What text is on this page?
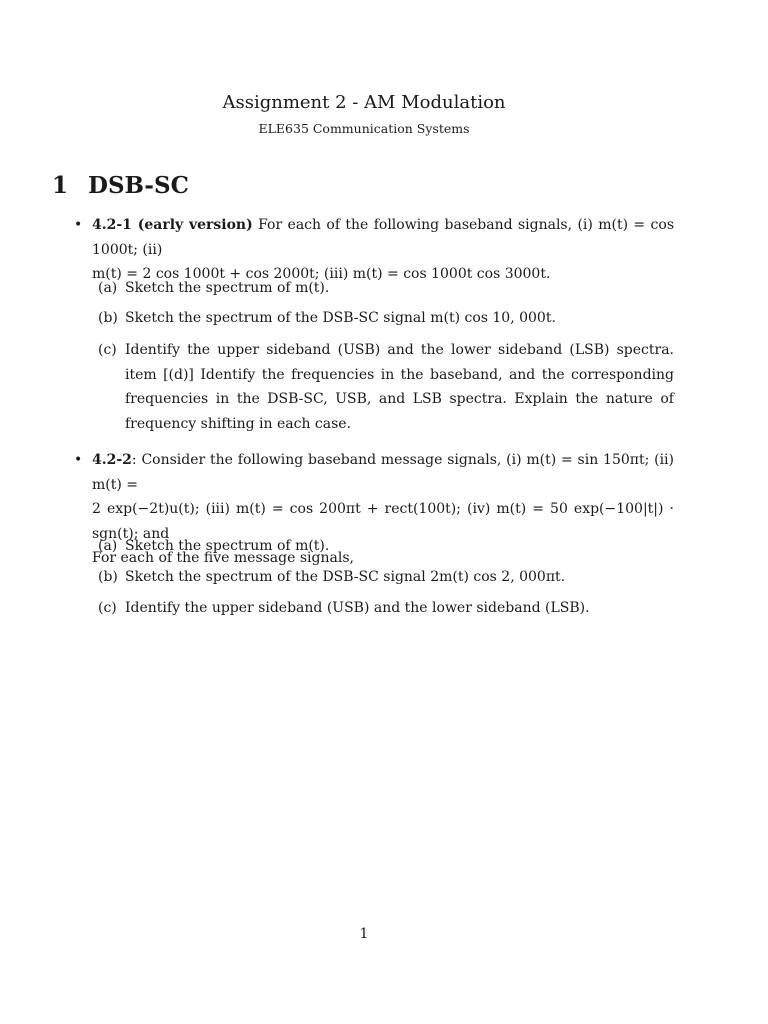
Assignment 2 - AM Modulation
ELE635 Communication Systems
1 DSB-SC
• 4.2-1 (early version) For each of the following baseband signals, (i) m(t) = cos 1000t; (ii)
m(t) = 2 cos 1000t + cos 2000t; (iii) m(t) = cos 1000t cos 3000t.
(a) Sketch the spectrum of m(t).
(b) Sketch the spectrum of the DSB-SC signal m(t) cos 10, 000t.
(c) Identify the upper sideband (USB) and the lower sideband (LSB) spectra. item [(d)] Identify the frequencies in the baseband, and the corresponding frequencies in the DSB-SC, USB, and LSB spectra. Explain the nature of frequency shifting in each case.
• 4.2-2: Consider the following baseband message signals, (i) m(t) = sin 150πt; (ii) m(t) =
2 exp(−2t)u(t); (iii) m(t) = cos 200πt + rect(100t); (iv) m(t) = 50 exp(−100|t|) · sgn(t); and
For each of the five message signals,
(a) Sketch the spectrum of m(t).
(b) Sketch the spectrum of the DSB-SC signal 2m(t) cos 2, 000πt.
(c) Identify the upper sideband (USB) and the lower sideband (LSB).
1
